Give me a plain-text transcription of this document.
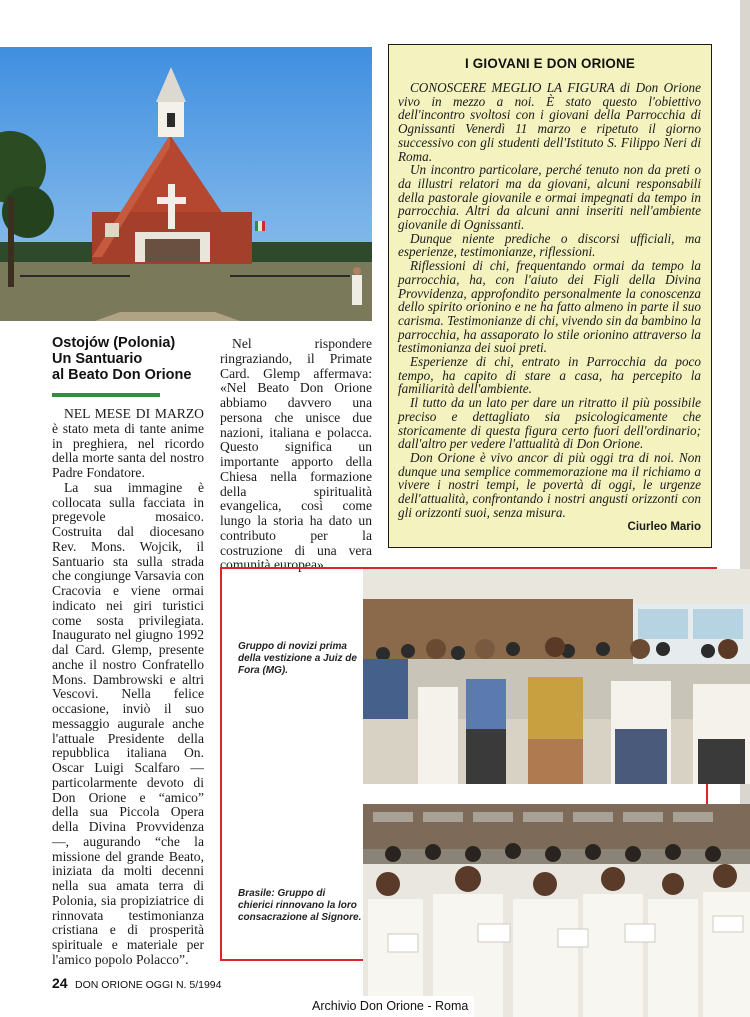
Ostojów (Polonia)
Un Santuario
al Beato Don Orione

NEL MESE DI MARZO è stato meta di tante anime in preghiera, nel ricordo della morte santa del nostro Padre Fondatore.

La sua immagine è collocata sulla facciata in pregevole mosaico. Costruita dal diocesano Rev. Mons. Wojcik, il Santuario sta sulla strada che congiunge Varsavia con Cracovia e viene ormai indicato nei giri turistici come sosta privilegiata. Inaugurato nel giugno 1992 dal Card. Glemp, presente anche il nostro Confratello Mons. Dambrowski e altri Vescovi. Nella felice occasione, inviò il suo messaggio augurale anche l'attuale Presidente della repubblica italiana On. Oscar Luigi Scalfaro — particolarmente devoto di Don Orione e “amico” della sua Piccola Opera della Divina Provvidenza —, augurando “che la missione del grande Beato, iniziata da molti decenni nella sua amata terra di Polonia, sia propiziatrice di rinnovata testimonianza cristiana e di prosperità spirituale e materiale per l'amico popolo Polacco”.

Nel rispondere ringraziando, il Primate Card. Glemp affermava: «Nel Beato Don Orione abbiamo davvero una persona che unisce due nazioni, italiana e polacca. Questo significa un importante apporto della Chiesa nella formazione della spiritualità evangelica, così come lungo la storia ha dato un contributo per la costruzione di una vera comunità europea».

I GIOVANI E DON ORIONE

CONOSCERE MEGLIO LA FIGURA di Don Orione vivo in mezzo a noi. È stato questo l'obiettivo dell'incontro svoltosi con i giovani della Parrocchia di Ognissanti Venerdì 11 marzo e ripetuto il giorno successivo con gli studenti dell'Istituto S. Filippo Neri di Roma.

Un incontro particolare, perché tenuto non da preti o da illustri relatori ma da giovani, alcuni responsabili della pastorale giovanile e ormai impegnati da tempo in parrocchia. Altri da alcuni anni inseriti nell'ambiente giovanile di Ognissanti.

Dunque niente prediche o discorsi ufficiali, ma esperienze, testimonianze, riflessioni.

Riflessioni di chi, frequentando ormai da tempo la parrocchia, ha, con l'aiuto dei Figli della Divina Provvidenza, approfondito personalmente la conoscenza dello spirito orionino e ne ha fatto almeno in parte il suo carisma. Testimonianze di chi, vivendo sin da bambino la parrocchia, ha assaporato lo stile orionino attraverso la testimonianza dei suoi preti.

Esperienze di chi, entrato in Parrocchia da poco tempo, ha capito di stare a casa, ha percepito la familiarità dell'ambiente.

Il tutto da un lato per dare un ritratto il più possibile preciso e dettagliato sia psicologicamente che storicamente di questa figura certo fuori dell'ordinario; dall'altro per vedere l'attualità di Don Orione.

Don Orione è vivo ancor di più oggi tra di noi. Non dunque una semplice commemorazione ma il richiamo a vivere i nostri tempi, le povertà di oggi, le urgenze dell'attualità, confrontando i nostri angusti orizzonti con gli orizzonti suoi, senza misura.

Ciurleo Mario
Gruppo di novizi prima della vestizione a Juiz de Fora (MG).
Brasile: Gruppo di chierici rinnovano la loro consacrazione al Signore.
24 DON ORIONE OGGI N. 5/1994
Archivio Don Orione - Roma
